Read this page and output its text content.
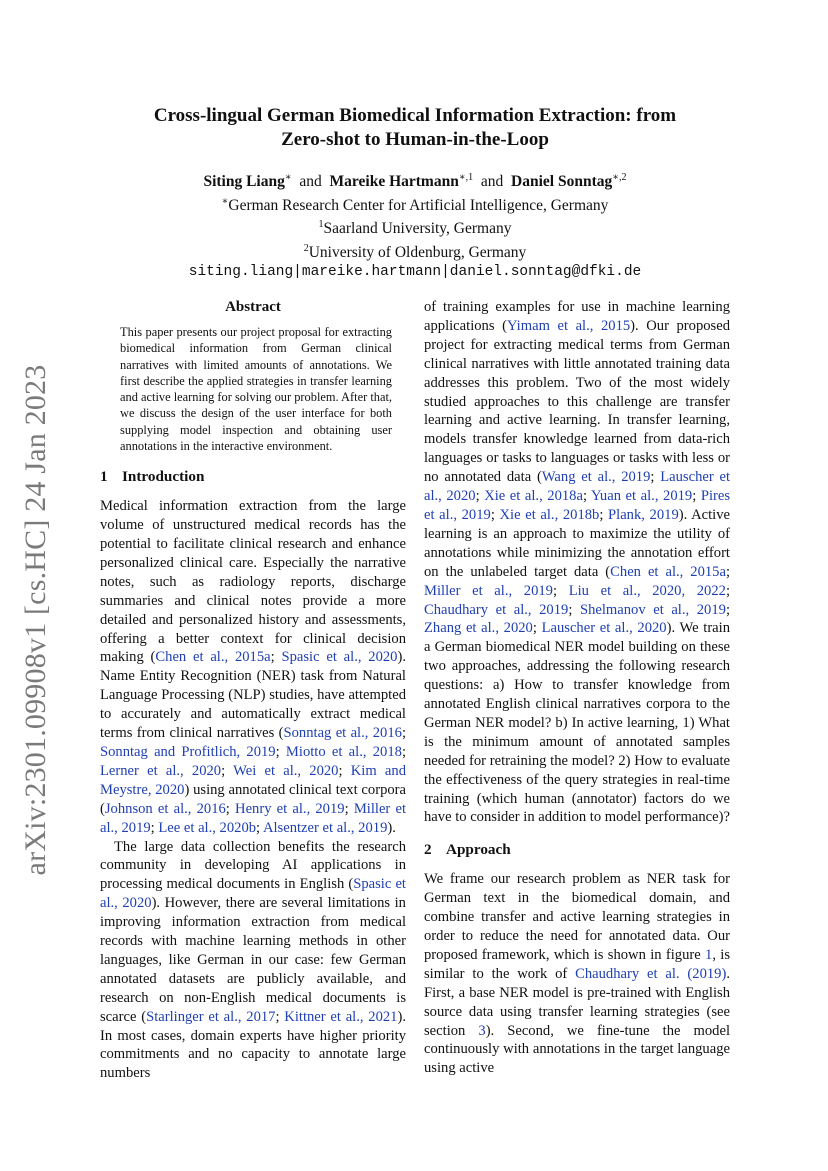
arXiv:2301.09908v1 [cs.HC] 24 Jan 2023
Cross-lingual German Biomedical Information Extraction: from
Zero-shot to Human-in-the-Loop
Siting Liang∗ and Mareike Hartmann$^{∗,1}$ and Daniel Sonntag$^{∗,2}$
∗German Research Center for Artificial Intelligence, Germany
$^1$Saarland University, Germany
$^2$University of Oldenburg, Germany
siting.liang|mareike.hartmann|daniel.sonntag@dfki.de
Abstract

This paper presents our project proposal for extracting biomedical information from German clinical narratives with limited amounts of annotations. We first describe the applied strategies in transfer learning and active learning for solving our problem. After that, we discuss the design of the user interface for both supplying model inspection and obtaining user annotations in the interactive environment.

1 Introduction

Medical information extraction from the large volume of unstructured medical records has the potential to facilitate clinical research and enhance personalized clinical care. Especially the narrative notes, such as radiology reports, discharge summaries and clinical notes provide a more detailed and personalized history and assessments, offering a better context for clinical decision making (Chen et al., 2015a; Spasic et al., 2020). Name Entity Recognition (NER) task from Natural Language Processing (NLP) studies, have attempted to accurately and automatically extract medical terms from clinical narratives (Sonntag et al., 2016; Sonntag and Profitlich, 2019; Miotto et al., 2018; Lerner et al., 2020; Wei et al., 2020; Kim and Meystre, 2020) using annotated clinical text corpora (Johnson et al., 2016; Henry et al., 2019; Miller et al., 2019; Lee et al., 2020b; Alsentzer et al., 2019).

The large data collection benefits the research community in developing AI applications in processing medical documents in English (Spasic et al., 2020). However, there are several limitations in improving information extraction from medical records with machine learning methods in other languages, like German in our case: few German annotated datasets are publicly available, and research on non-English medical documents is scarce (Starlinger et al., 2017; Kittner et al., 2021). In most cases, domain experts have higher priority commitments and no capacity to annotate large numbers

of training examples for use in machine learning applications (Yimam et al., 2015). Our proposed project for extracting medical terms from German clinical narratives with little annotated training data addresses this problem. Two of the most widely studied approaches to this challenge are transfer learning and active learning. In transfer learning, models transfer knowledge learned from data-rich languages or tasks to languages or tasks with less or no annotated data (Wang et al., 2019; Lauscher et al., 2020; Xie et al., 2018a; Yuan et al., 2019; Pires et al., 2019; Xie et al., 2018b; Plank, 2019). Active learning is an approach to maximize the utility of annotations while minimizing the annotation effort on the unlabeled target data (Chen et al., 2015a; Miller et al., 2019; Liu et al., 2020, 2022; Chaudhary et al., 2019; Shelmanov et al., 2019; Zhang et al., 2020; Lauscher et al., 2020). We train a German biomedical NER model building on these two approaches, addressing the following research questions: a) How to transfer knowledge from annotated English clinical narratives corpora to the German NER model? b) In active learning, 1) What is the minimum amount of annotated samples needed for retraining the model? 2) How to evaluate the effectiveness of the query strategies in real-time training (which human (annotator) factors do we have to consider in addition to model performance)?

2 Approach

We frame our research problem as NER task for German text in the biomedical domain, and combine transfer and active learning strategies in order to reduce the need for annotated data. Our proposed framework, which is shown in figure 1, is similar to the work of Chaudhary et al. (2019). First, a base NER model is pre-trained with English source data using transfer learning strategies (see section 3). Second, we fine-tune the model continuously with annotations in the target language using active
